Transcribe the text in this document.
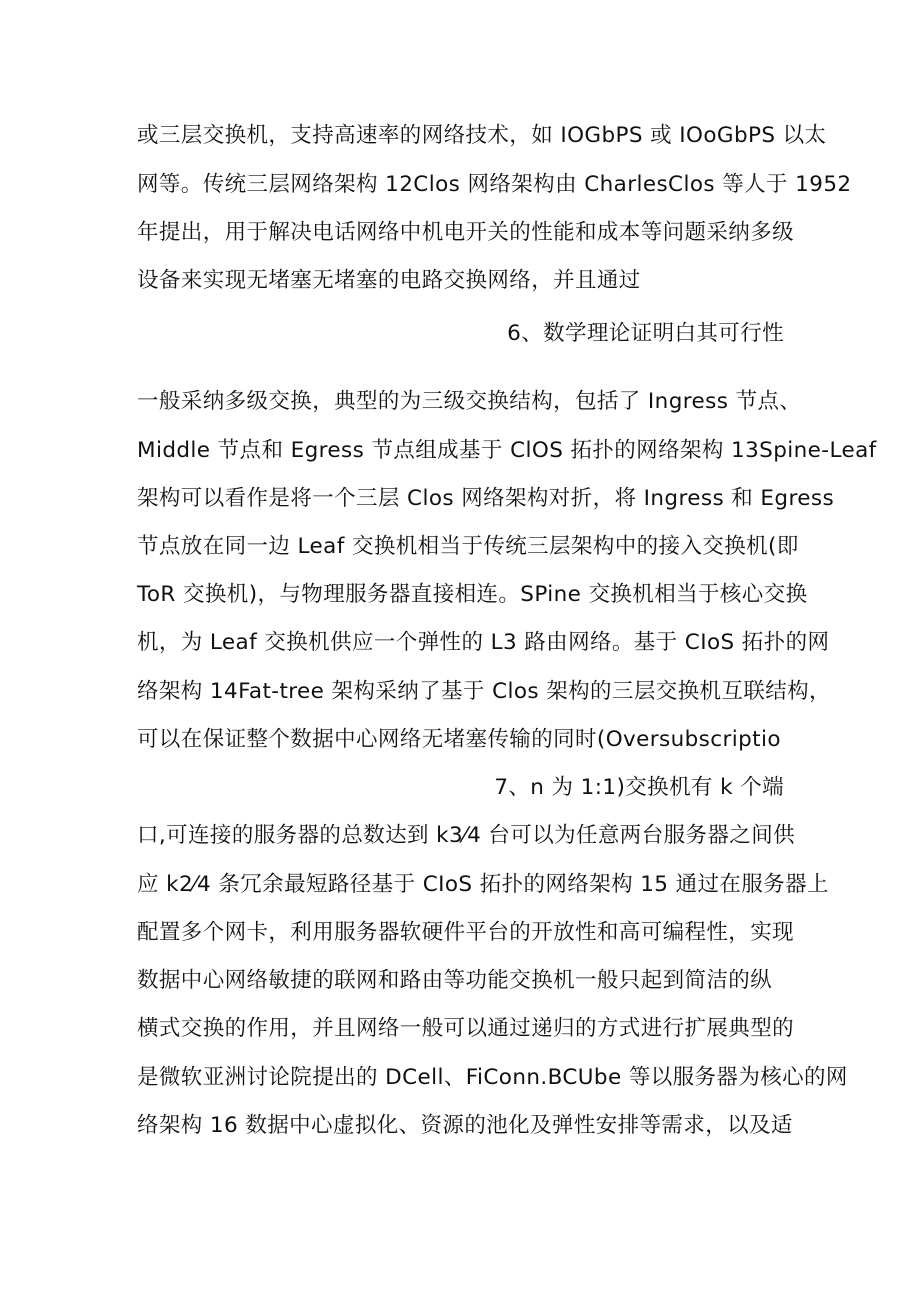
或三层交换机，支持高速率的网络技术，如 IOGbPS 或 IOoGbPS 以太
网等。传统三层网络架构 12Clos 网络架构由 CharlesClos 等人于 1952
年提出，用于解决电话网络中机电开关的性能和成本等问题采纳多级
设备来实现无堵塞无堵塞的电路交换网络，并且通过
6、数学理论证明白其可行性
一般采纳多级交换，典型的为三级交换结构，包括了 Ingress 节点、
Middle 节点和 Egress 节点组成基于 ClOS 拓扑的网络架构 13Spine-Leaf
架构可以看作是将一个三层 Clos 网络架构对折，将 Ingress 和 Egress
节点放在同一边 Leaf 交换机相当于传统三层架构中的接入交换机(即
ToR 交换机)，与物理服务器直接相连。SPine 交换机相当于核心交换
机，为 Leaf 交换机供应一个弹性的 L3 路由网络。基于 CIoS 拓扑的网
络架构 14Fat-tree 架构采纳了基于 Clos 架构的三层交换机互联结构，
可以在保证整个数据中心网络无堵塞传输的同时(Oversubscriptio
7、n 为 1:1)交换机有 k 个端
口,可连接的服务器的总数达到 k3⁄4 台可以为任意两台服务器之间供
应 k2⁄4 条冗余最短路径基于 CIoS 拓扑的网络架构 15 通过在服务器上
配置多个网卡，利用服务器软硬件平台的开放性和高可编程性，实现
数据中心网络敏捷的联网和路由等功能交换机一般只起到简洁的纵
横式交换的作用，并且网络一般可以通过递归的方式进行扩展典型的
是微软亚洲讨论院提出的 DCell、FiConn.BCUbe 等以服务器为核心的网
络架构 16 数据中心虚拟化、资源的池化及弹性安排等需求，以及适
